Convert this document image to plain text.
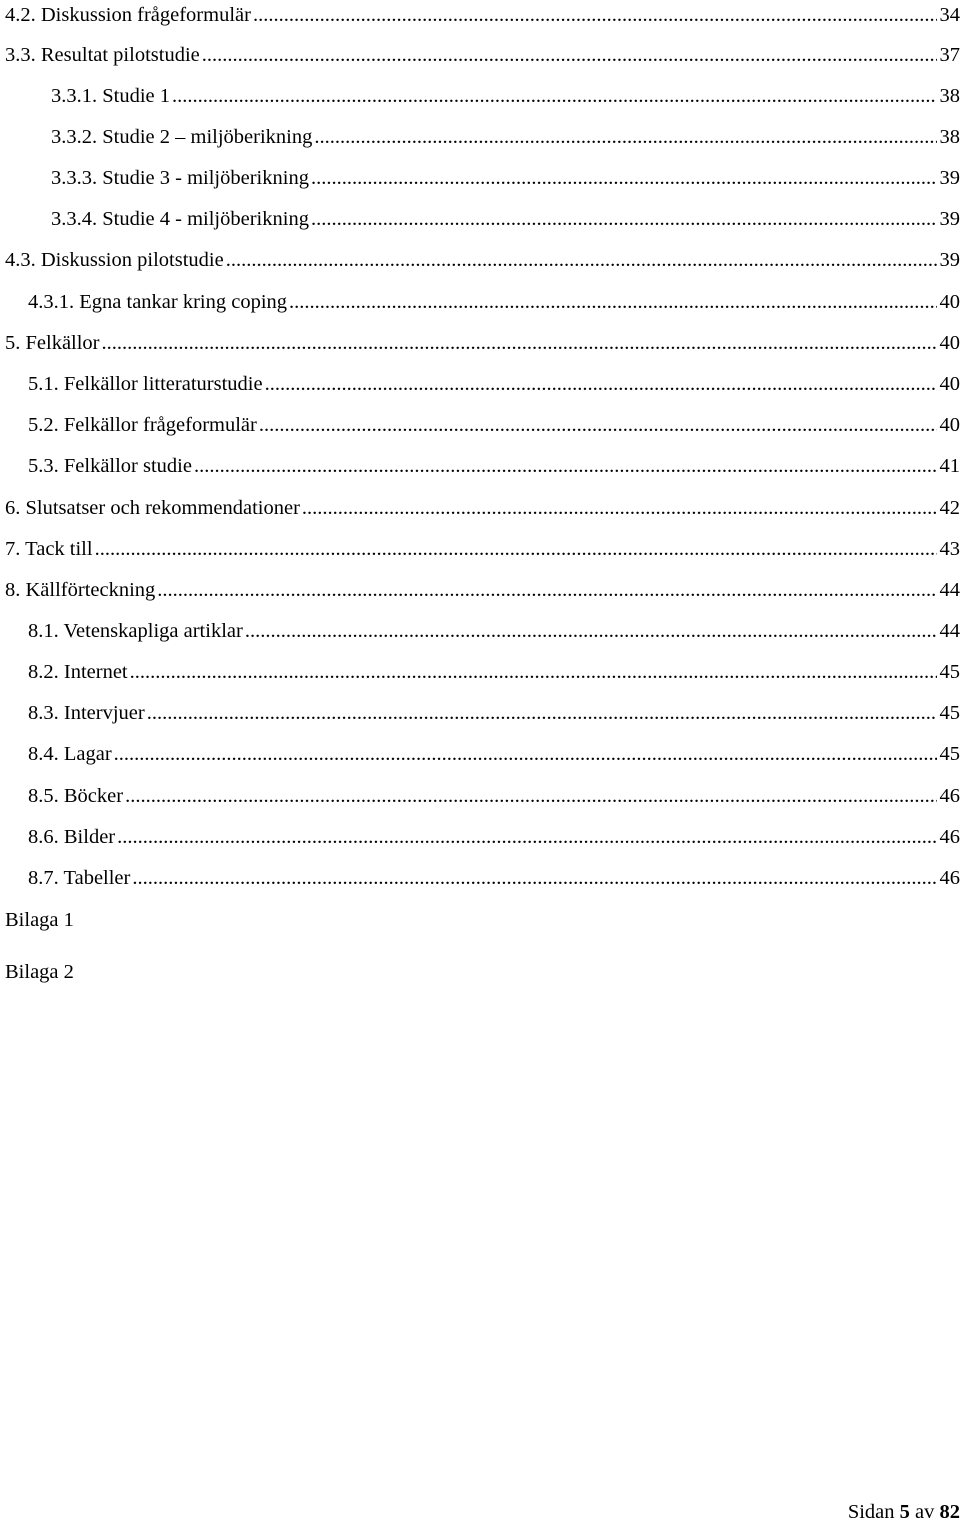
4.2. Diskussion frågeformulär .....	34
3.3. Resultat pilotstudie .....	37
3.3.1. Studie 1 .....	38
3.3.2. Studie 2 – miljöberikning .....	38
3.3.3. Studie 3 - miljöberikning .....	39
3.3.4. Studie 4 - miljöberikning .....	39
4.3. Diskussion pilotstudie .....	39
4.3.1. Egna tankar kring coping .....	40
5. Felkällor .....	40
5.1. Felkällor litteraturstudie .....	40
5.2. Felkällor frågeformulär .....	40
5.3. Felkällor studie .....	41
6. Slutsatser och rekommendationer .....	42
7. Tack till .....	43
8. Källförteckning .....	44
8.1. Vetenskapliga artiklar .....	44
8.2. Internet .....	45
8.3. Intervjuer .....	45
8.4. Lagar .....	45
8.5. Böcker .....	46
8.6. Bilder .....	46
8.7. Tabeller .....	46
Bilaga 1
Bilaga 2
Sidan 5 av 82
